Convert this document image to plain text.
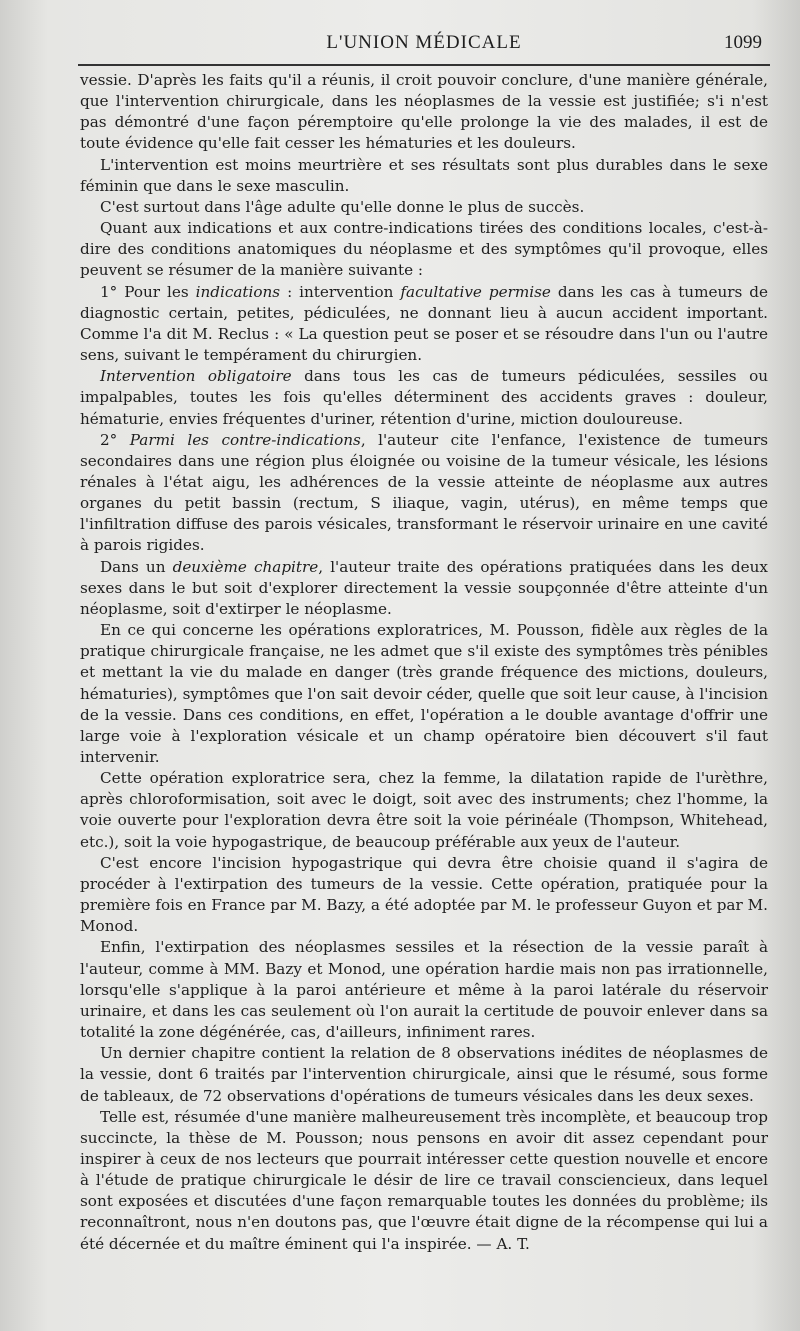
L'UNION MÉDICALE	1099

vessie. D'après les faits qu'il a réunis, il croit pouvoir conclure, d'une manière générale, que l'intervention chirurgicale, dans les néoplasmes de la vessie est justifiée; s'i n'est pas démontré d'une façon péremptoire qu'elle prolonge la vie des malades, il est de toute évidence qu'elle fait cesser les hématuries et les douleurs.

L'intervention est moins meurtrière et ses résultats sont plus durables dans le sexe féminin que dans le sexe masculin.

C'est surtout dans l'âge adulte qu'elle donne le plus de succès.

Quant aux indications et aux contre-indications tirées des conditions locales, c'est-à-dire des conditions anatomiques du néoplasme et des symptômes qu'il provoque, elles peuvent se résumer de la manière suivante :

1° Pour les indications : intervention facultative permise dans les cas à tumeurs de diagnostic certain, petites, pédiculées, ne donnant lieu à aucun accident important. Comme l'a dit M. Reclus : « La question peut se poser et se résoudre dans l'un ou l'autre sens, suivant le tempérament du chirurgien.

Intervention obligatoire dans tous les cas de tumeurs pédiculées, sessiles ou impalpables, toutes les fois qu'elles déterminent des accidents graves : douleur, hématurie, envies fréquentes d'uriner, rétention d'urine, miction douloureuse.

2° Parmi les contre-indications, l'auteur cite l'enfance, l'existence de tumeurs secondaires dans une région plus éloignée ou voisine de la tumeur vésicale, les lésions rénales à l'état aigu, les adhérences de la vessie atteinte de néoplasme aux autres organes du petit bassin (rectum, S iliaque, vagin, utérus), en même temps que l'infiltration diffuse des parois vésicales, transformant le réservoir urinaire en une cavité à parois rigides.

Dans un deuxième chapitre, l'auteur traite des opérations pratiquées dans les deux sexes dans le but soit d'explorer directement la vessie soupçonnée d'être atteinte d'un néoplasme, soit d'extirper le néoplasme.

En ce qui concerne les opérations exploratrices, M. Pousson, fidèle aux règles de la pratique chirurgicale française, ne les admet que s'il existe des symptômes très pénibles et mettant la vie du malade en danger (très grande fréquence des mictions, douleurs, hématuries), symptômes que l'on sait devoir céder, quelle que soit leur cause, à l'incision de la vessie. Dans ces conditions, en effet, l'opération a le double avantage d'offrir une large voie à l'exploration vésicale et un champ opératoire bien découvert s'il faut intervenir.

Cette opération exploratrice sera, chez la femme, la dilatation rapide de l'urèthre, après chloroformisation, soit avec le doigt, soit avec des instruments; chez l'homme, la voie ouverte pour l'exploration devra être soit la voie périnéale (Thompson, Whitehead, etc.), soit la voie hypogastrique, de beaucoup préférable aux yeux de l'auteur.

C'est encore l'incision hypogastrique qui devra être choisie quand il s'agira de procéder à l'extirpation des tumeurs de la vessie. Cette opération, pratiquée pour la première fois en France par M. Bazy, a été adoptée par M. le professeur Guyon et par M. Monod.

Enfin, l'extirpation des néoplasmes sessiles et la résection de la vessie paraît à l'auteur, comme à MM. Bazy et Monod, une opération hardie mais non pas irrationnelle, lorsqu'elle s'applique à la paroi antérieure et même à la paroi latérale du réservoir urinaire, et dans les cas seulement où l'on aurait la certitude de pouvoir enlever dans sa totalité la zone dégénérée, cas, d'ailleurs, infiniment rares.

Un dernier chapitre contient la relation de 8 observations inédites de néoplasmes de la vessie, dont 6 traités par l'intervention chirurgicale, ainsi que le résumé, sous forme de tableaux, de 72 observations d'opérations de tumeurs vésicales dans les deux sexes.

Telle est, résumée d'une manière malheureusement très incomplète, et beaucoup trop succincte, la thèse de M. Pousson; nous pensons en avoir dit assez cependant pour inspirer à ceux de nos lecteurs que pourrait intéresser cette question nouvelle et encore à l'étude de pratique chirurgicale le désir de lire ce travail consciencieux, dans lequel sont exposées et discutées d'une façon remarquable toutes les données du problème; ils reconnaîtront, nous n'en doutons pas, que l'œuvre était digne de la récompense qui lui a été décernée et du maître éminent qui l'a inspirée. — A. T.
